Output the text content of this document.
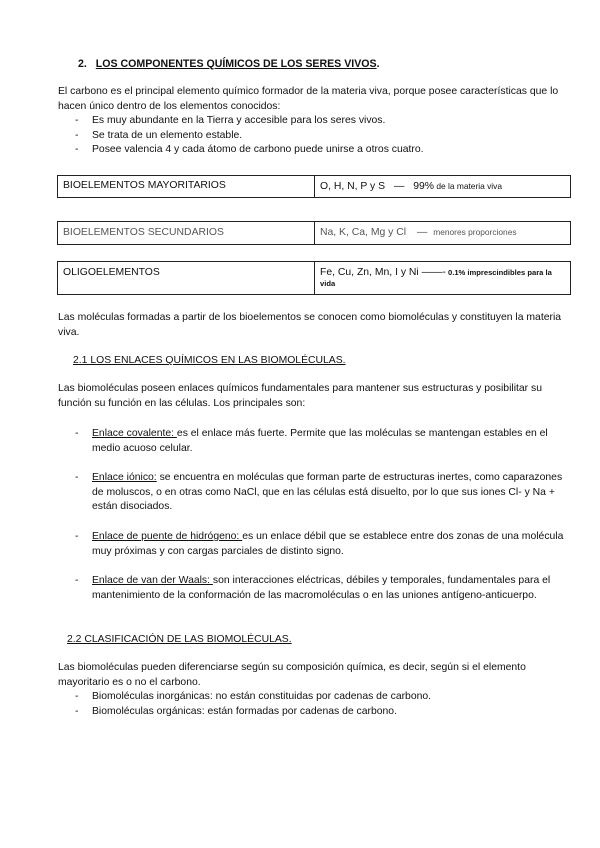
2. LOS COMPONENTES QUÍMICOS DE LOS SERES VIVOS.
El carbono es el principal elemento químico formador de la materia viva, porque posee características que lo hacen único dentro de los elementos conocidos:
- Es muy abundante en la Tierra y accesible para los seres vivos.
- Se trata de un elemento estable.
- Posee valencia 4 y cada átomo de carbono puede unirse a otros cuatro.
BIOELEMENTOS MAYORITARIOS	O, H, N, P y S — 99% de la materia viva
BIOELEMENTOS SECUNDARIOS	Na, K, Ca, Mg y Cl — menores proporciones
OLIGOELEMENTOS	Fe, Cu, Zn, Mn, I y Ni ——- 0.1% imprescindibles para la vida
Las moléculas formadas a partir de los bioelementos se conocen como biomoléculas y constituyen la materia viva.
2.1 LOS ENLACES QUÍMICOS EN LAS BIOMOLÉCULAS.
Las biomoléculas poseen enlaces químicos fundamentales para mantener sus estructuras y posibilitar su función su función en las células. Los principales son:
-	Enlace covalente: es el enlace más fuerte. Permite que las moléculas se mantengan estables en el medio acuoso celular.
-	Enlace iónico: se encuentra en moléculas que forman parte de estructuras inertes, como caparazones de moluscos, o en otras como NaCl, que en las células está disuelto, por lo que sus iones Cl- y Na + están disociados.
-	Enlace de puente de hidrógeno: es un enlace débil que se establece entre dos zonas de una molécula muy próximas y con cargas parciales de distinto signo.
-	Enlace de van der Waals: son interacciones eléctricas, débiles y temporales, fundamentales para el mantenimiento de la conformación de las macromoléculas o en las uniones antígeno-anticuerpo.
2.2 CLASIFICACIÓN DE LAS BIOMOLÉCULAS.
Las biomoléculas pueden diferenciarse según su composición química, es decir, según si el elemento mayoritario es o no el carbono.
- Biomoléculas inorgánicas: no están constituidas por cadenas de carbono.
- Biomoléculas orgánicas: están formadas por cadenas de carbono.
